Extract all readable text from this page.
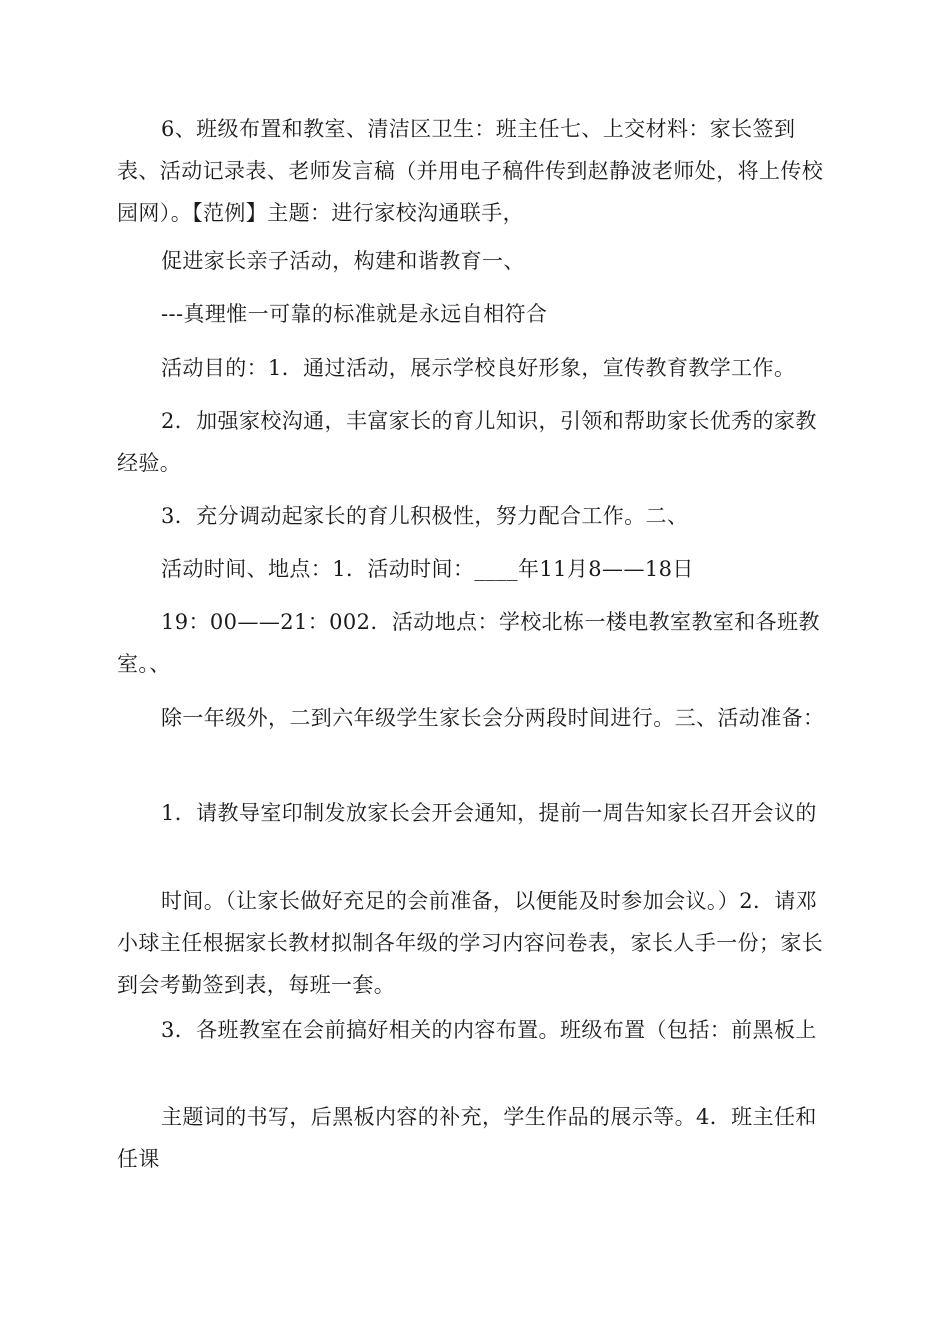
6、班级布置和教室、清洁区卫生：班主任七、上交材料：家长签到表、活动记录表、老师发言稿（并用电子稿件传到赵静波老师处，将上传校园网）。【范例】主题：进行家校沟通联手，

促进家长亲子活动，构建和谐教育一、

---真理惟一可靠的标准就是永远自相符合

活动目的：1．通过活动，展示学校良好形象，宣传教育教学工作。

2．加强家校沟通，丰富家长的育儿知识，引领和帮助家长优秀的家教经验。

3．充分调动起家长的育儿积极性，努力配合工作。二、

活动时间、地点：1．活动时间：____年11月8——18日

19：00——21：002．活动地点：学校北栋一楼电教室教室和各班教室。、

除一年级外，二到六年级学生家长会分两段时间进行。三、活动准备：

1．请教导室印制发放家长会开会通知，提前一周告知家长召开会议的

时间。（让家长做好充足的会前准备，以便能及时参加会议。）2．请邓小球主任根据家长教材拟制各年级的学习内容问卷表，家长人手一份；家长到会考勤签到表，每班一套。

3．各班教室在会前搞好相关的内容布置。班级布置（包括：前黑板上

主题词的书写，后黑板内容的补充，学生作品的展示等。4．班主任和任课
